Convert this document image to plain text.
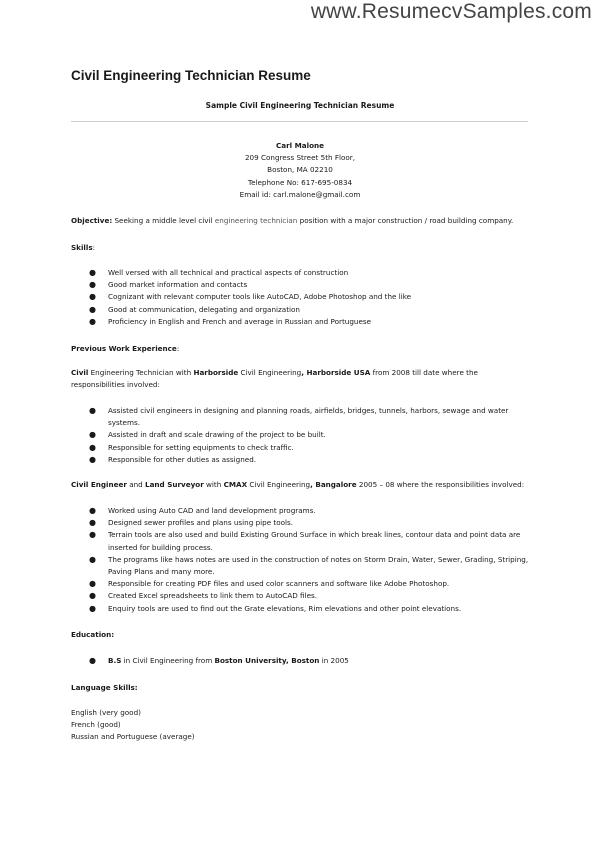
www.ResumecvSamples.com
Civil Engineering Technician Resume
Sample Civil Engineering Technician Resume
Carl Malone
209 Congress Street 5th Floor,
Boston, MA 02210
Telephone No: 617-695-0834
Email id: carl.malone@gmail.com
Objective: Seeking a middle level civil engineering technician position with a major construction / road building company.
Skills:
● Well versed with all technical and practical aspects of construction
● Good market information and contacts
● Cognizant with relevant computer tools like AutoCAD, Adobe Photoshop and the like
● Good at communication, delegating and organization
● Proficiency in English and French and average in Russian and Portuguese
Previous Work Experience:
Civil Engineering Technician with Harborside Civil Engineering, Harborside USA from 2008 till date where the
responsibilities involved:
● Assisted civil engineers in designing and planning roads, airfields, bridges, tunnels, harbors, sewage and water systems.
● Assisted in draft and scale drawing of the project to be built.
● Responsible for setting equipments to check traffic.
● Responsible for other duties as assigned.
Civil Engineer and Land Surveyor with CMAX Civil Engineering, Bangalore 2005 – 08 where the responsibilities involved:
● Worked using Auto CAD and land development programs.
● Designed sewer profiles and plans using pipe tools.
● Terrain tools are also used and build Existing Ground Surface in which break lines, contour data and point data are inserted for building process.
● The programs like haws notes are used in the construction of notes on Storm Drain, Water, Sewer, Grading, Striping, Paving Plans and many more.
● Responsible for creating PDF files and used color scanners and software like Adobe Photoshop.
● Created Excel spreadsheets to link them to AutoCAD files.
● Enquiry tools are used to find out the Grate elevations, Rim elevations and other point elevations.
Education:
● B.S in Civil Engineering from Boston University, Boston in 2005
Language Skills:
English (very good)
French (good)
Russian and Portuguese (average)
